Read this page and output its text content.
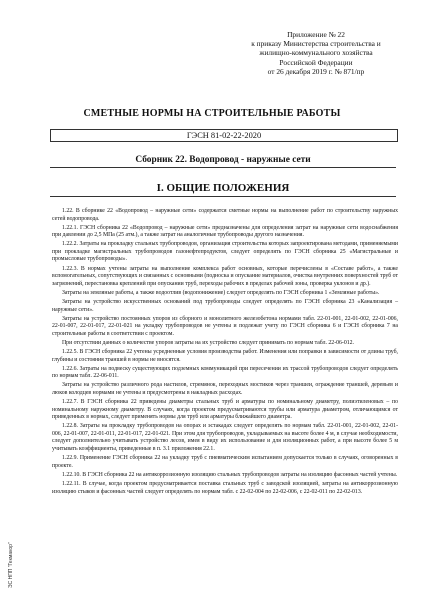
Приложение № 22
к приказу Министерства строительства и
жилищно-коммунального хозяйства
Российской Федерации
от 26 декабря 2019 г. № 871/пр
СМЕТНЫЕ НОРМЫ НА СТРОИТЕЛЬНЫЕ РАБОТЫ
ГЭСН 81-02-22-2020
Сборник 22. Водопровод - наружные сети
I. ОБЩИЕ ПОЛОЖЕНИЯ

1.22. В сборнике 22 «Водопровод – наружные сети» содержатся сметные нормы на выполнение работ по строительству наружных сетей водопровода.

1.22.1. ГЭСН сборника 22 «Водопровод – наружные сети» предназначены для определения затрат на наружные сети водоснабжения при давлении до 2,5 МПа (25 атм.), а также затрат на аналогичные трубопроводы другого назначения.

1.22.2. Затраты на прокладку стальных трубопроводов, организация строительства которых запроектирована методами, применяемыми при прокладке магистральных трубопроводов газонефтепродуктов, следует определять по ГЭСН сборника 25 «Магистральные и промысловые трубопроводы».

1.22.3. В нормах учтены затраты на выполнение комплекса работ основных, которые перечислены в «Составе работ», а также вспомогательных, сопутствующих и связанных с основными (подноска и опускание материалов, очистка внутренних поверхностей труб от загрязнений, перестановка креплений при опускании труб, переходы рабочих в пределах рабочей зоны, проверка уклонов и др.).

Затраты на земляные работы, а также водоотлив (водопонижение) следует определять по ГЭСН сборника 1 «Земляные работы».

Затраты на устройство искусственных оснований под трубопроводы следует определять по ГЭСН сборника 23 «Канализация – наружные сети».

Затраты на устройство постоянных упоров из сборного и монолитного железобетона нормами табл. 22-01-001, 22-01-002, 22-01-006, 22-01-007, 22-01-017, 22-01-021 на укладку трубопроводов не учтены и подлежат учету по ГЭСН сборника 6 и ГЭСН сборника 7 на строительные работы в соответствии с проектом.

При отсутствии данных о количестве упоров затраты на их устройство следует принимать по нормам табл. 22-06-012.

1.22.5. В ГЭСН сборника 22 учтены усредненные условия производства работ. Изменения или поправки в зависимости от длины труб, глубины и состояния траншей в нормы не вносятся.

1.22.6. Затраты на подвеску существующих подземных коммуникаций при пересечении их трассой трубопроводов следует определять по нормам табл. 22-06-011.

Затраты на устройство различного рода настилов, стремянок, переходных мостиков через траншеи, ограждение траншей, деревьев и люков колодцев нормами не учтены и предусмотрены в накладных расходах.

1.22.7. В ГЭСН сборника 22 приведены диаметры стальных труб и арматуры по номинальному диаметру, полиэтиленовых – по номинальному наружному диаметру. В случаях, когда проектом предусматриваются трубы или арматура диаметром, отличающимся от приведенных в нормах, следует применять нормы для труб или арматуры ближайшего диаметра.

1.22.8. Затраты на прокладку трубопроводов на опорах и эстакадах следует определять по нормам табл. 22-01-001, 22-01-002, 22-01-006, 22-01-007, 22-01-011, 22-01-017, 22-01-021. При этом для трубопроводов, укладываемых на высоте более 4 м, в случае необходимости, следует дополнительно учитывать устройство лесов, имея в виду их использование и для изоляционных работ, а при высоте более 5 м учитывать коэффициенты, приведенные в п. 3.1 приложения 22.1.

1.22.9. Применение ГЭСН сборника 22 на укладку труб с пневматическим испытанием допускается только в случаях, оговоренных в проекте.

1.22.10. В ГЭСН сборника 22 на антикоррозионную изоляцию стальных трубопроводов затраты на изоляцию фасонных частей учтены.

1.22.11. В случае, когда проектом предусматривается поставка стальных труб с заводской изоляцией, затраты на антикоррозионную изоляцию стыков и фасонных частей следует определять по нормам табл. с 22-02-004 по 22-02-006, с 22-02-011 по 22-02-013.

ЭС НПП "Гекмакор"
